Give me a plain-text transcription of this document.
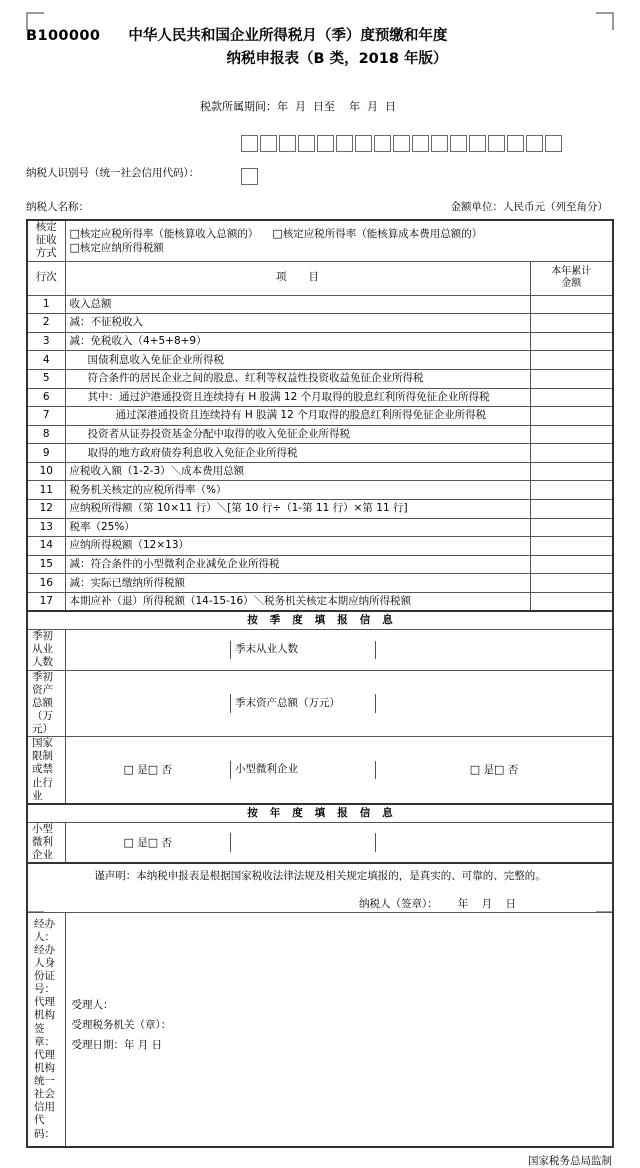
B100000 中华人民共和国企业所得税月（季）度预缴和年度
纳税申报表（B 类，2018 年版）

税款所属期间：年  月  日至    年  月  日

纳税人识别号（统一社会信用代码）：
纳税人名称：	金额单位：人民币元（列至角分）
核定征收方式	□核定应税所得率（能核算收入总额的） □核定应税所得率（能核算成本费用总额的）
□核定应纳所得税额
行次	项 目	本年累计
金额
1	收入总额	
2	减：不征税收入	
3	减：免税收入（4+5+8+9）	
4	国债利息收入免征企业所得税	
5	符合条件的居民企业之间的股息、红利等权益性投资收益免征企业所得税	
6	其中：通过沪港通投资且连续持有 H 股满 12 个月取得的股息红利所得免征企业所得税	
7	通过深港通投资且连续持有 H 股满 12 个月取得的股息红利所得免征企业所得税	
8	投资者从证券投资基金分配中取得的收入免征企业所得税	
9	取得的地方政府债券利息收入免征企业所得税	
10	应税收入额（1-2-3）＼成本费用总额	
11	税务机关核定的应税所得率（%）	
12	应纳税所得额（第 10×11 行）＼[第 10 行÷（1-第 11 行）×第 11 行]	
13	税率（25%）	
14	应纳所得税额（12×13）	
15	减：符合条件的小型微利企业减免企业所得税	
16	减：实际已缴纳所得税额	
17	本期应补（退）所得税额（14-15-16）＼税务机关核定本期应纳所得税额	
按 季 度 填 报 信 息
季初从业人数	
	季末从业人数	

季初资产总额（万元）	
	季末资产总额（万元）	

国家限制或禁止行业	
□ 是□ 否	小型微利企业	□ 是□ 否

按 年 度 填 报 信 息
小型微利企业	
□ 是□ 否		

谨声明：本纳税申报表是根据国家税收法律法规及相关规定填报的，是真实的、可靠的、完整的。
纳税人（签章）：      年    月    日

经办人：
经办人身份证号：
代理机构签章：
代理机构统一社会信用代码：

受理人：
受理税务机关（章）：
受理日期：年 月 日
国家税务总局监制
